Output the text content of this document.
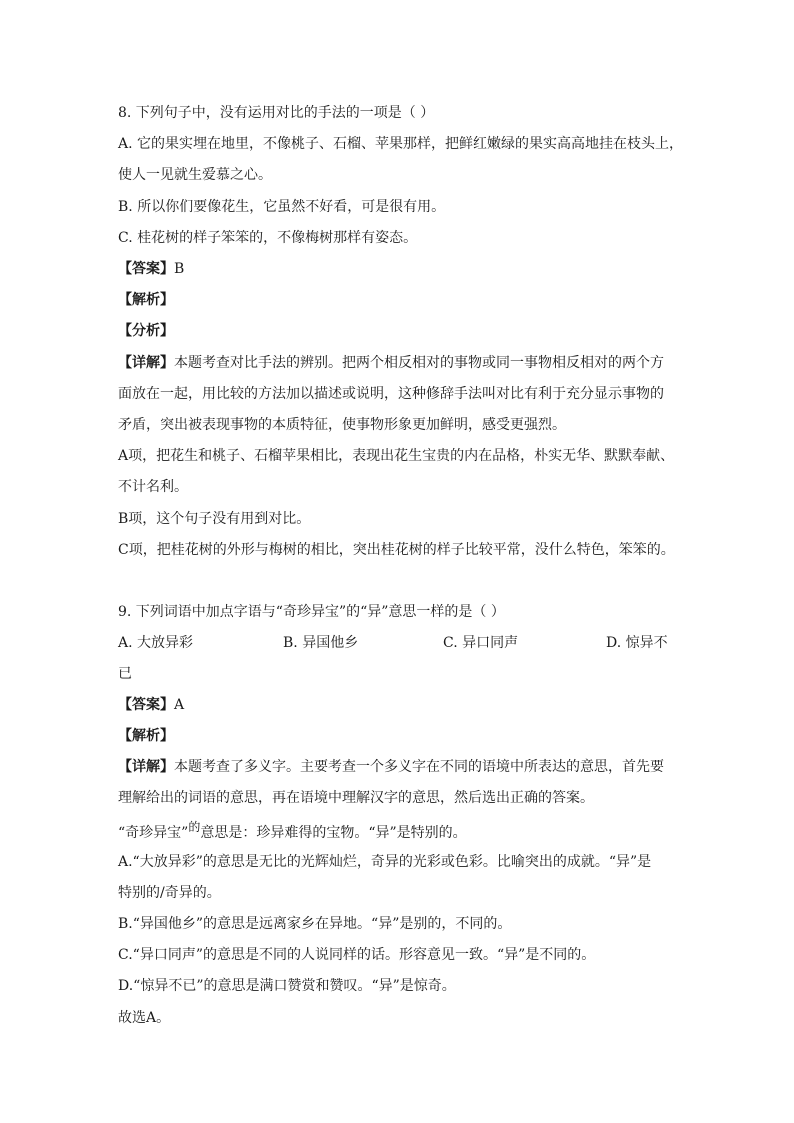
8. 下列句子中，没有运用对比的手法的一项是（ ）
A. 它的果实埋在地里，不像桃子、石榴、苹果那样，把鲜红嫩绿的果实高高地挂在枝头上，
使人一见就生爱慕之心。
B. 所以你们要像花生，它虽然不好看，可是很有用。
C. 桂花树的样子笨笨的，不像梅树那样有姿态。
【答案】B
【解析】
【分析】
【详解】本题考查对比手法的辨别。把两个相反相对的事物或同一事物相反相对的两个方
面放在一起，用比较的方法加以描述或说明，这种修辞手法叫对比有利于充分显示事物的
矛盾，突出被表现事物的本质特征，使事物形象更加鲜明，感受更强烈。
A项，把花生和桃子、石榴苹果相比，表现出花生宝贵的内在品格，朴实无华、默默奉献、
不计名利。
B项，这个句子没有用到对比。
C项，把桂花树的外形与梅树的相比，突出桂花树的样子比较平常，没什么特色，笨笨的。
9. 下列词语中加点字语与“奇珍异宝”的“异”意思一样的是（ ）
A. 大放异彩	B. 异国他乡	C. 异口同声	D. 惊异不
已
【答案】A
【解析】
【详解】本题考查了多义字。主要考查一个多义字在不同的语境中所表达的意思，首先要
理解给出的词语的意思，再在语境中理解汉字的意思，然后选出正确的答案。
“奇珍异宝”的意思是：珍异难得的宝物。“异”是特别的。
A.“大放异彩”的意思是无比的光辉灿烂，奇异的光彩或色彩。比喻突出的成就。“异”是
特别的/奇异的。
B.“异国他乡”的意思是远离家乡在异地。“异”是别的，不同的。
C.“异口同声”的意思是不同的人说同样的话。形容意见一致。“异”是不同的。
D.“惊异不已”的意思是满口赞赏和赞叹。“异”是惊奇。
故选A。
